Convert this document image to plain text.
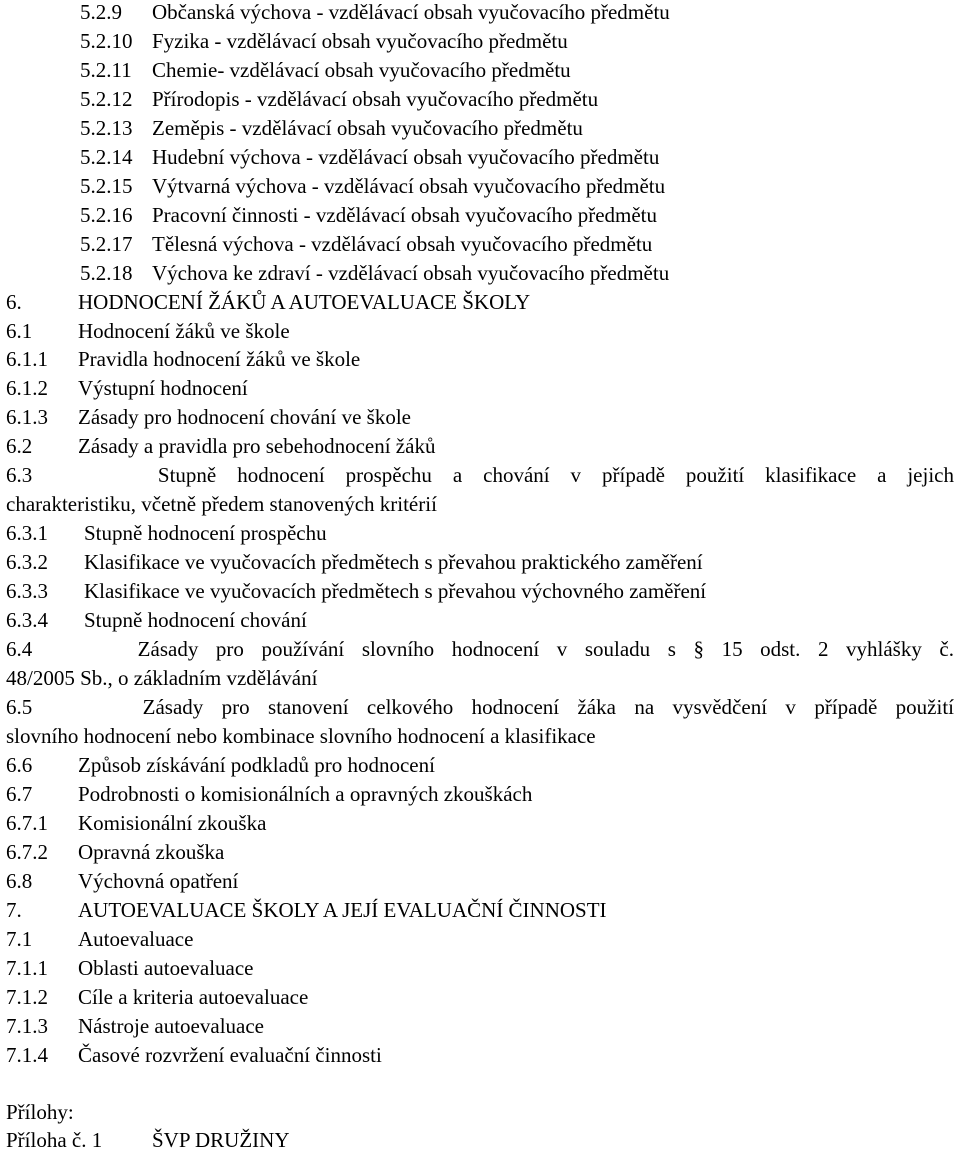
5.2.9 Občanská výchova - vzdělávací obsah vyučovacího předmětu
5.2.10 Fyzika - vzdělávací obsah vyučovacího předmětu
5.2.11 Chemie- vzdělávací obsah vyučovacího předmětu
5.2.12 Přírodopis - vzdělávací obsah vyučovacího předmětu
5.2.13 Zeměpis - vzdělávací obsah vyučovacího předmětu
5.2.14 Hudební výchova - vzdělávací obsah vyučovacího předmětu
5.2.15 Výtvarná výchova - vzdělávací obsah vyučovacího předmětu
5.2.16 Pracovní činnosti - vzdělávací obsah vyučovacího předmětu
5.2.17 Tělesná výchova - vzdělávací obsah vyučovacího předmětu
5.2.18 Výchova ke zdraví - vzdělávací obsah vyučovacího předmětu
6.	HODNOCENÍ ŽÁKŮ A AUTOEVALUACE ŠKOLY
6.1 Hodnocení žáků ve škole
6.1.1 Pravidla hodnocení žáků ve škole
6.1.2 Výstupní hodnocení
6.1.3 Zásady pro hodnocení chování ve škole
6.2 Zásady a pravidla pro sebehodnocení žáků
6.3	Stupně hodnocení prospěchu a chování v případě použití klasifikace a jejich
charakteristiku, včetně předem stanovených kritérií
6.3.1 Stupně hodnocení prospěchu
6.3.2 Klasifikace ve vyučovacích předmětech s převahou praktického zaměření
6.3.3 Klasifikace ve vyučovacích předmětech s převahou výchovného zaměření
6.3.4 Stupně hodnocení chování
6.4	Zásady pro používání slovního hodnocení v souladu s § 15 odst. 2 vyhlášky č.
48/2005 Sb., o základním vzdělávání
6.5	Zásady pro stanovení celkového hodnocení žáka na vysvědčení v případě použití
slovního hodnocení nebo kombinace slovního hodnocení a klasifikace
6.6 Způsob získávání podkladů pro hodnocení
6.7 Podrobnosti o komisionálních a opravných zkouškách
6.7.1 Komisionální zkouška
6.7.2 Opravná zkouška
6.8 Výchovná opatření
7.	AUTOEVALUACE ŠKOLY A JEJÍ EVALUAČNÍ ČINNOSTI
7.1 Autoevaluace
7.1.1 Oblasti autoevaluace
7.1.2 Cíle a kriteria autoevaluace
7.1.3 Nástroje autoevaluace
7.1.4 Časové rozvržení evaluační činnosti
Přílohy:
Příloha č. 1 ŠVP DRUŽINY
